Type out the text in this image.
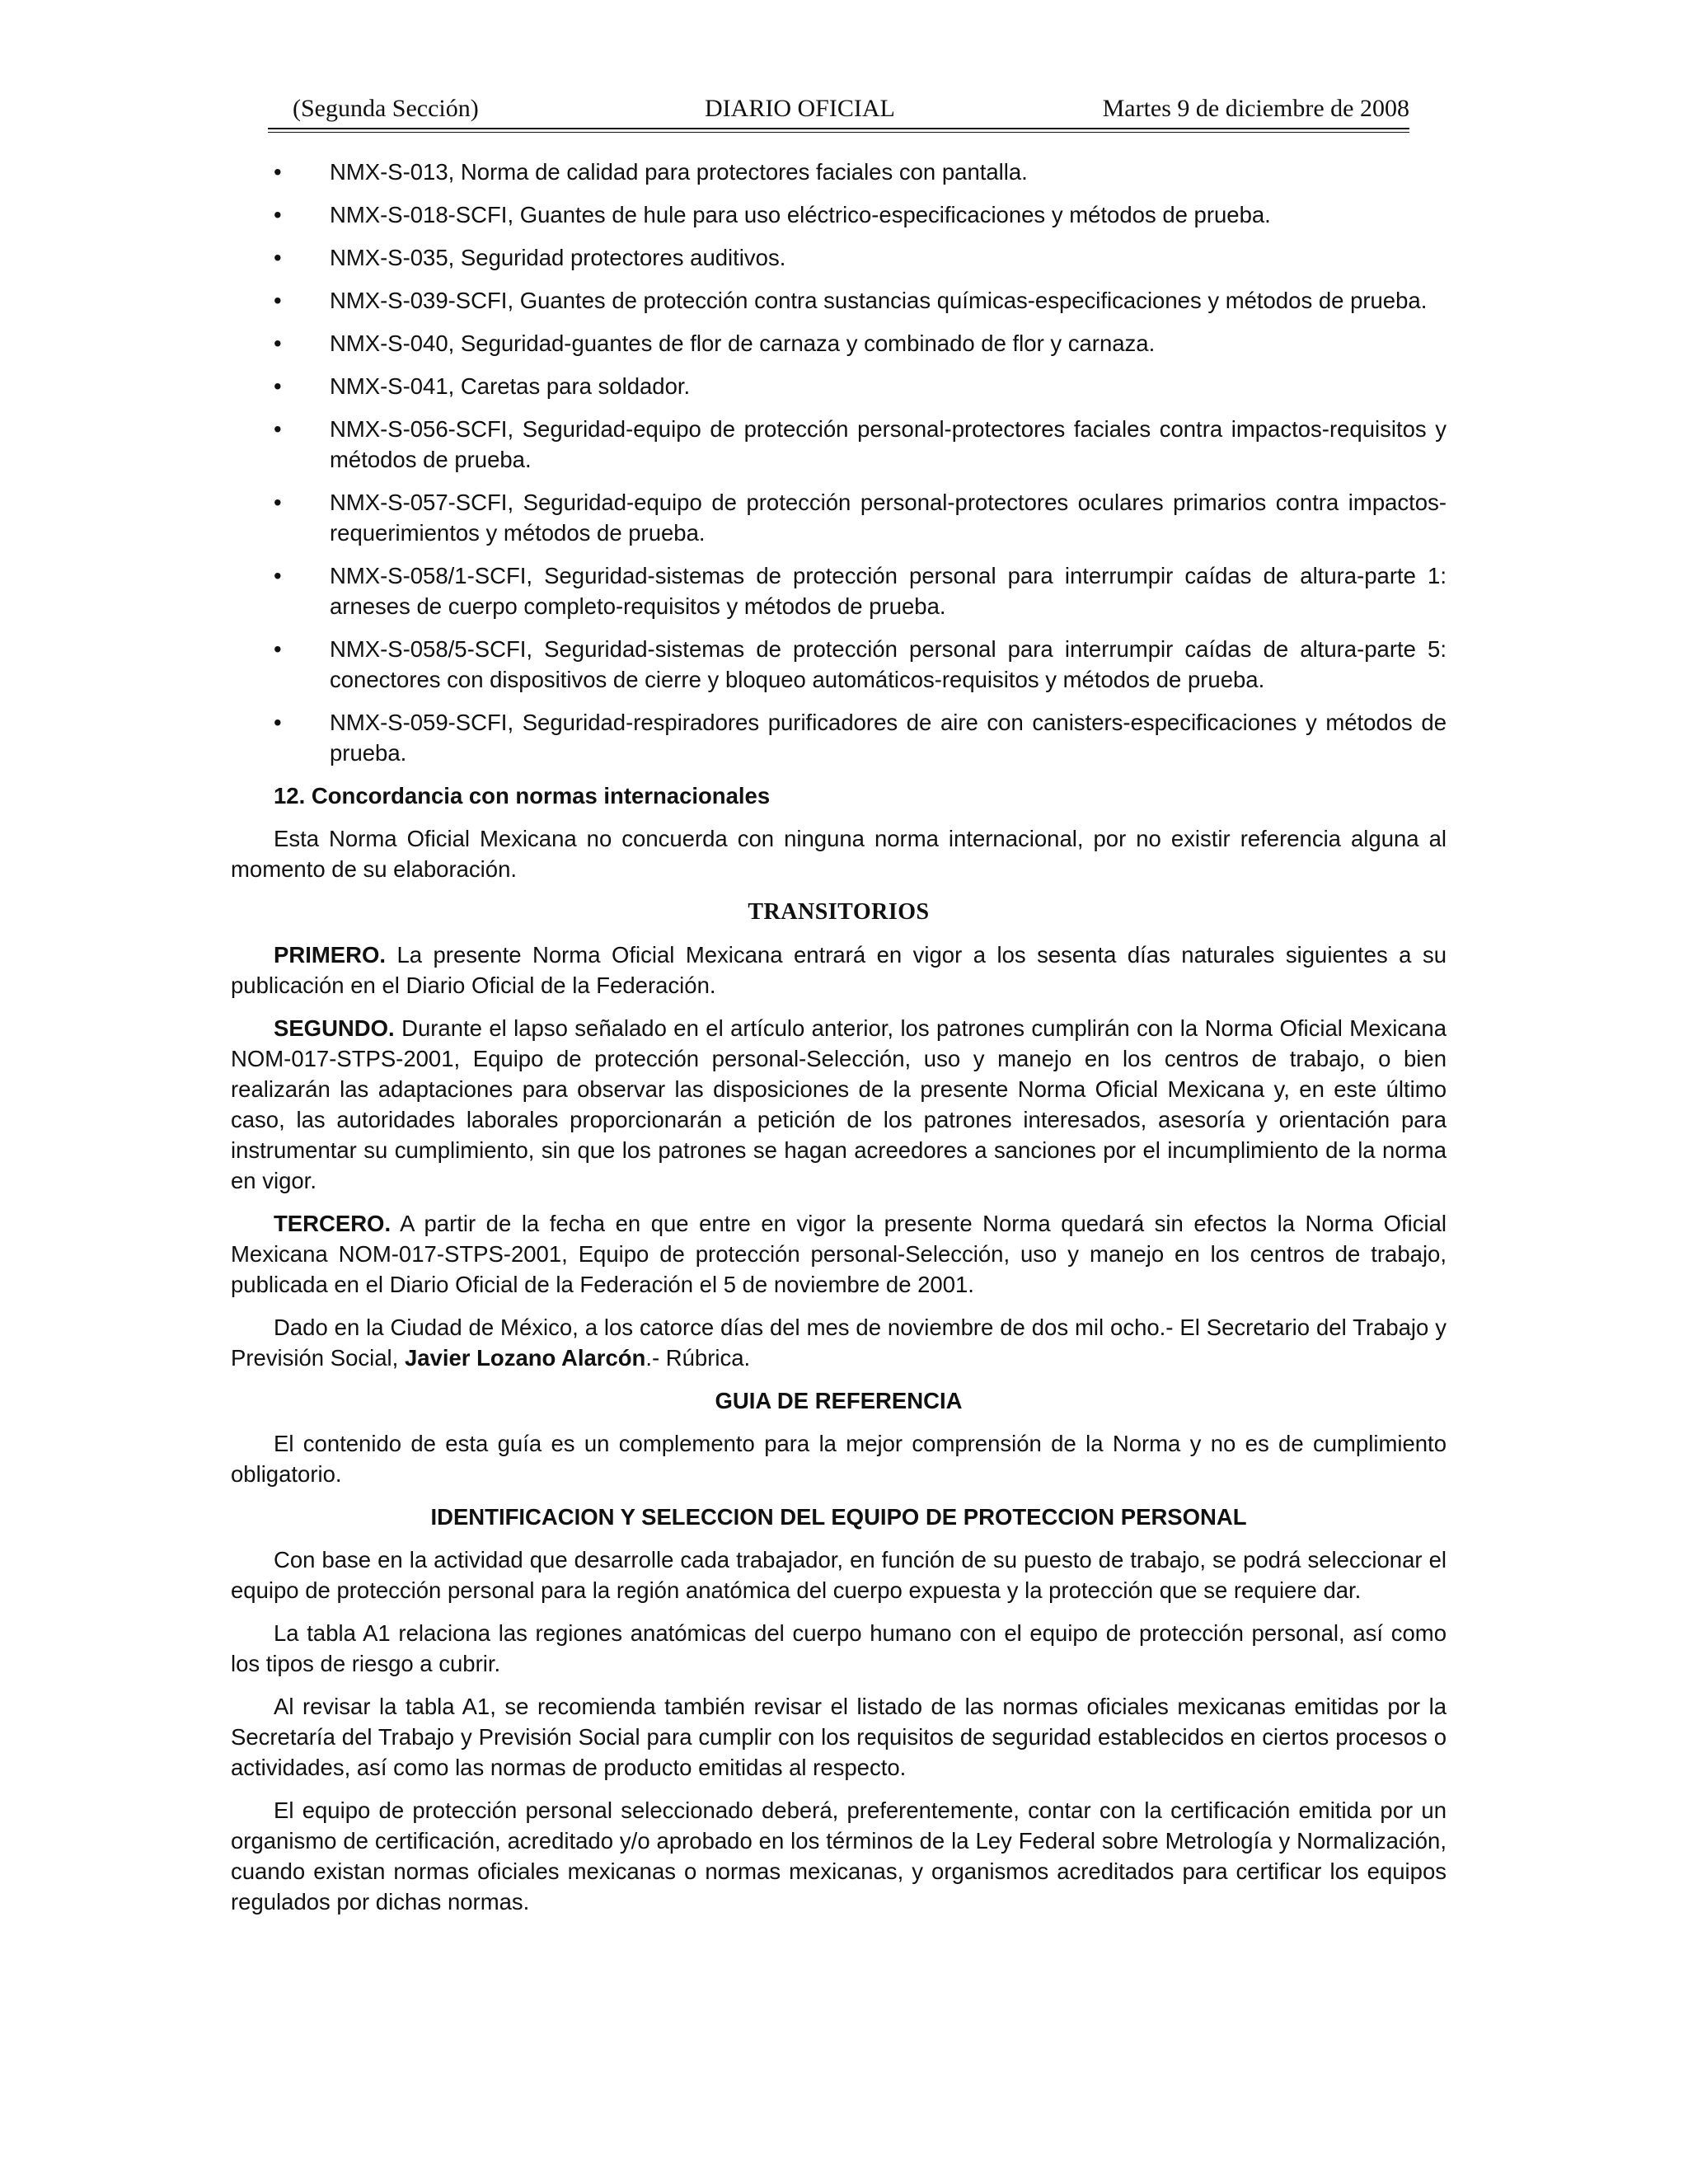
(Segunda Sección)	DIARIO OFICIAL	Martes 9 de diciembre de 2008
• NMX-S-013, Norma de calidad para protectores faciales con pantalla.
• NMX-S-018-SCFI, Guantes de hule para uso eléctrico-especificaciones y métodos de prueba.
• NMX-S-035, Seguridad protectores auditivos.
• NMX-S-039-SCFI, Guantes de protección contra sustancias químicas-especificaciones y métodos de prueba.
• NMX-S-040, Seguridad-guantes de flor de carnaza y combinado de flor y carnaza.
• NMX-S-041, Caretas para soldador.
• NMX-S-056-SCFI, Seguridad-equipo de protección personal-protectores faciales contra impactos-requisitos y métodos de prueba.
• NMX-S-057-SCFI, Seguridad-equipo de protección personal-protectores oculares primarios contra impactos-requerimientos y métodos de prueba.
• NMX-S-058/1-SCFI, Seguridad-sistemas de protección personal para interrumpir caídas de altura-parte 1: arneses de cuerpo completo-requisitos y métodos de prueba.
• NMX-S-058/5-SCFI, Seguridad-sistemas de protección personal para interrumpir caídas de altura-parte 5: conectores con dispositivos de cierre y bloqueo automáticos-requisitos y métodos de prueba.
• NMX-S-059-SCFI, Seguridad-respiradores purificadores de aire con canisters-especificaciones y métodos de prueba.
12. Concordancia con normas internacionales

Esta Norma Oficial Mexicana no concuerda con ninguna norma internacional, por no existir referencia alguna al momento de su elaboración.

TRANSITORIOS

PRIMERO. La presente Norma Oficial Mexicana entrará en vigor a los sesenta días naturales siguientes a su publicación en el Diario Oficial de la Federación.

SEGUNDO. Durante el lapso señalado en el artículo anterior, los patrones cumplirán con la Norma Oficial Mexicana NOM-017-STPS-2001, Equipo de protección personal-Selección, uso y manejo en los centros de trabajo, o bien realizarán las adaptaciones para observar las disposiciones de la presente Norma Oficial Mexicana y, en este último caso, las autoridades laborales proporcionarán a petición de los patrones interesados, asesoría y orientación para instrumentar su cumplimiento, sin que los patrones se hagan acreedores a sanciones por el incumplimiento de la norma en vigor.

TERCERO. A partir de la fecha en que entre en vigor la presente Norma quedará sin efectos la Norma Oficial Mexicana NOM-017-STPS-2001, Equipo de protección personal-Selección, uso y manejo en los centros de trabajo, publicada en el Diario Oficial de la Federación el 5 de noviembre de 2001.

Dado en la Ciudad de México, a los catorce días del mes de noviembre de dos mil ocho.- El Secretario del Trabajo y Previsión Social, Javier Lozano Alarcón.- Rúbrica.

GUIA DE REFERENCIA

El contenido de esta guía es un complemento para la mejor comprensión de la Norma y no es de cumplimiento obligatorio.

IDENTIFICACION Y SELECCION DEL EQUIPO DE PROTECCION PERSONAL

Con base en la actividad que desarrolle cada trabajador, en función de su puesto de trabajo, se podrá seleccionar el equipo de protección personal para la región anatómica del cuerpo expuesta y la protección que se requiere dar.

La tabla A1 relaciona las regiones anatómicas del cuerpo humano con el equipo de protección personal, así como los tipos de riesgo a cubrir.

Al revisar la tabla A1, se recomienda también revisar el listado de las normas oficiales mexicanas emitidas por la Secretaría del Trabajo y Previsión Social para cumplir con los requisitos de seguridad establecidos en ciertos procesos o actividades, así como las normas de producto emitidas al respecto.

El equipo de protección personal seleccionado deberá, preferentemente, contar con la certificación emitida por un organismo de certificación, acreditado y/o aprobado en los términos de la Ley Federal sobre Metrología y Normalización, cuando existan normas oficiales mexicanas o normas mexicanas, y organismos acreditados para certificar los equipos regulados por dichas normas.
